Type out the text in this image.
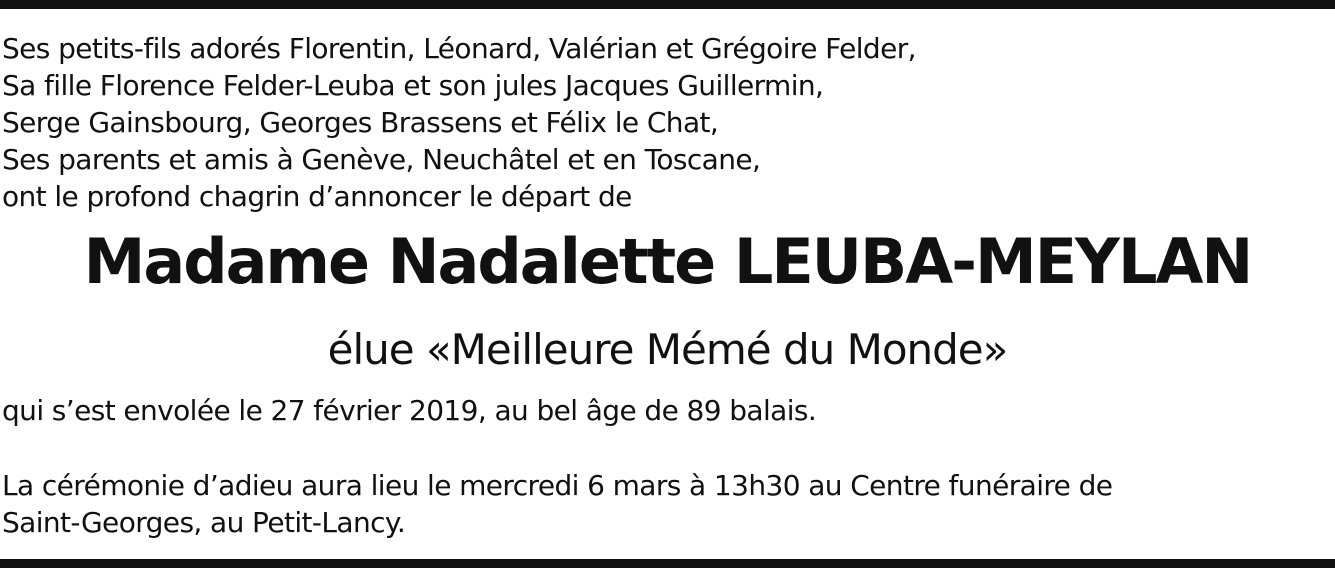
Ses petits-fils adorés Florentin, Léonard, Valérian et Grégoire Felder,
Sa fille Florence Felder-Leuba et son jules Jacques Guillermin,
Serge Gainsbourg, Georges Brassens et Félix le Chat,
Ses parents et amis à Genève, Neuchâtel et en Toscane,
ont le profond chagrin d’annoncer le départ de
Madame Nadalette LEUBA-MEYLAN
élue «Meilleure Mémé du Monde»
qui s’est envolée le 27 février 2019, au bel âge de 89 balais.
La cérémonie d’adieu aura lieu le mercredi 6 mars à 13h30 au Centre funéraire de
Saint-Georges, au Petit-Lancy.
